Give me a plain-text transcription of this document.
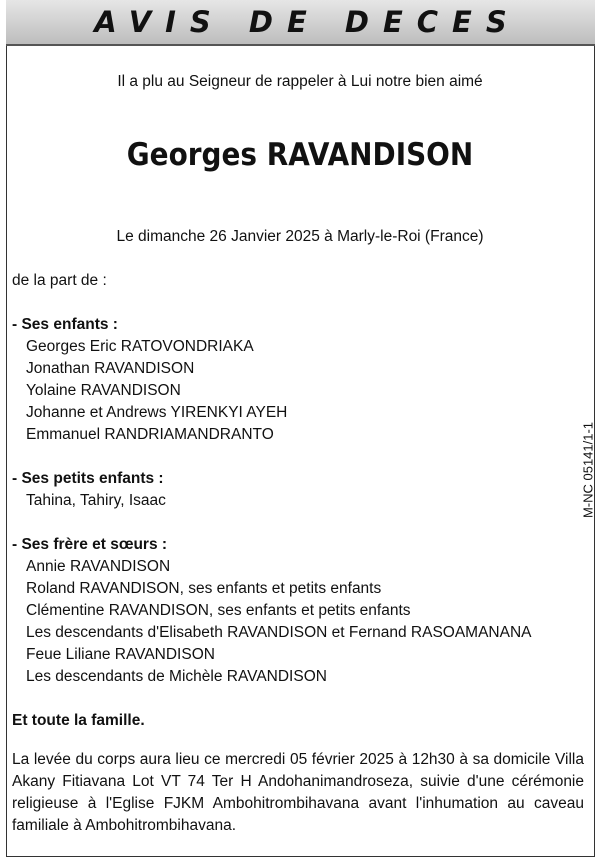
AVIS DE DECES
Il a plu au Seigneur de rappeler à Lui notre bien aimé
Georges RAVANDISON
Le dimanche 26 Janvier 2025 à Marly-le-Roi (France)
de la part de :
- Ses enfants :
Georges Eric RATOVONDRIAKA
Jonathan RAVANDISON
Yolaine RAVANDISON
Johanne et Andrews YIRENKYI AYEH
Emmanuel RANDRIAMANDRANTO
- Ses petits enfants :
Tahina, Tahiry, Isaac
- Ses frère et sœurs :
Annie RAVANDISON
Roland RAVANDISON, ses enfants et petits enfants
Clémentine RAVANDISON, ses enfants et petits enfants
Les descendants d'Elisabeth RAVANDISON et Fernand RASOAMANANA
Feue Liliane RAVANDISON
Les descendants de Michèle RAVANDISON
Et toute la famille.
La levée du corps aura lieu ce mercredi 05 février 2025 à 12h30 à sa domicile Villa Akany Fitiavana Lot VT 74 Ter H Andohanimandroseza, suivie d'une cérémonie religieuse à l'Eglise FJKM Ambohitrombihavana avant l'inhumation au caveau familiale à Ambohitrombihavana.
M-NC 05141/1-1
